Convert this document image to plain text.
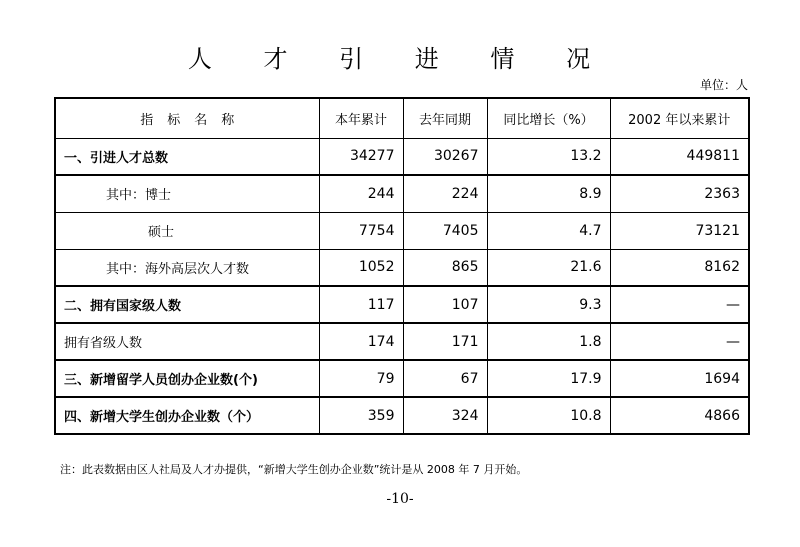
人 才 引 进 情 况
单位：人
指标名称	本年累计	去年同期	同比增长（%）	2002 年以来累计
一、引进人才总数	34277	30267	13.2	449811
其中：博士	244	224	8.9	2363
硕士	7754	7405	4.7	73121
其中：海外高层次人才数	1052	865	21.6	8162
二、拥有国家级人数	117	107	9.3	—
拥有省级人数	174	171	1.8	—
三、新增留学人员创办企业数(个)	79	67	17.9	1694
四、新增大学生创办企业数（个）	359	324	10.8	4866
注：此表数据由区人社局及人才办提供，“新增大学生创办企业数”统计是从 2008 年 7 月开始。
-10-
